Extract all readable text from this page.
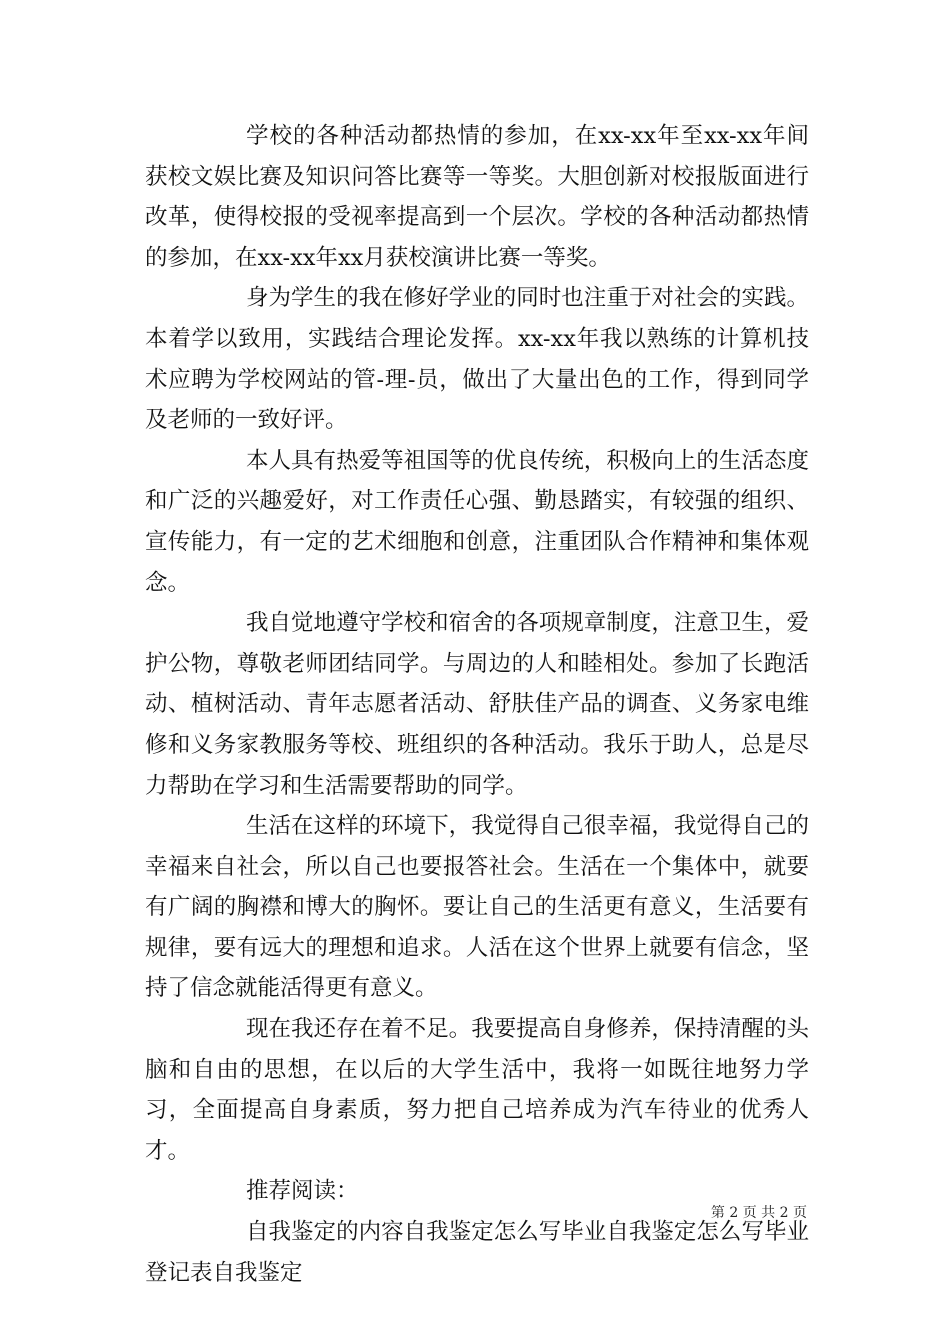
学校的各种活动都热情的参加，在xx-xx年至xx-xx年间获校文娱比赛及知识问答比赛等一等奖。大胆创新对校报版面进行改革，使得校报的受视率提高到一个层次。学校的各种活动都热情的参加，在xx-xx年xx月获校演讲比赛一等奖。

身为学生的我在修好学业的同时也注重于对社会的实践。本着学以致用，实践结合理论发挥。xx-xx年我以熟练的计算机技术应聘为学校网站的管-理-员，做出了大量出色的工作，得到同学及老师的一致好评。

本人具有热爱等祖国等的优良传统，积极向上的生活态度和广泛的兴趣爱好，对工作责任心强、勤恳踏实，有较强的组织、宣传能力，有一定的艺术细胞和创意，注重团队合作精神和集体观念。

我自觉地遵守学校和宿舍的各项规章制度，注意卫生，爱护公物，尊敬老师团结同学。与周边的人和睦相处。参加了长跑活动、植树活动、青年志愿者活动、舒肤佳产品的调查、义务家电维修和义务家教服务等校、班组织的各种活动。我乐于助人，总是尽力帮助在学习和生活需要帮助的同学。

生活在这样的环境下，我觉得自己很幸福，我觉得自己的幸福来自社会，所以自己也要报答社会。生活在一个集体中，就要有广阔的胸襟和博大的胸怀。要让自己的生活更有意义，生活要有规律，要有远大的理想和追求。人活在这个世界上就要有信念，坚持了信念就能活得更有意义。

现在我还存在着不足。我要提高自身修养，保持清醒的头脑和自由的思想，在以后的大学生活中，我将一如既往地努力学习，全面提高自身素质，努力把自己培养成为汽车待业的优秀人才。

推荐阅读：

自我鉴定的内容自我鉴定怎么写毕业自我鉴定怎么写毕业登记表自我鉴定

第 2 页 共 2 页
